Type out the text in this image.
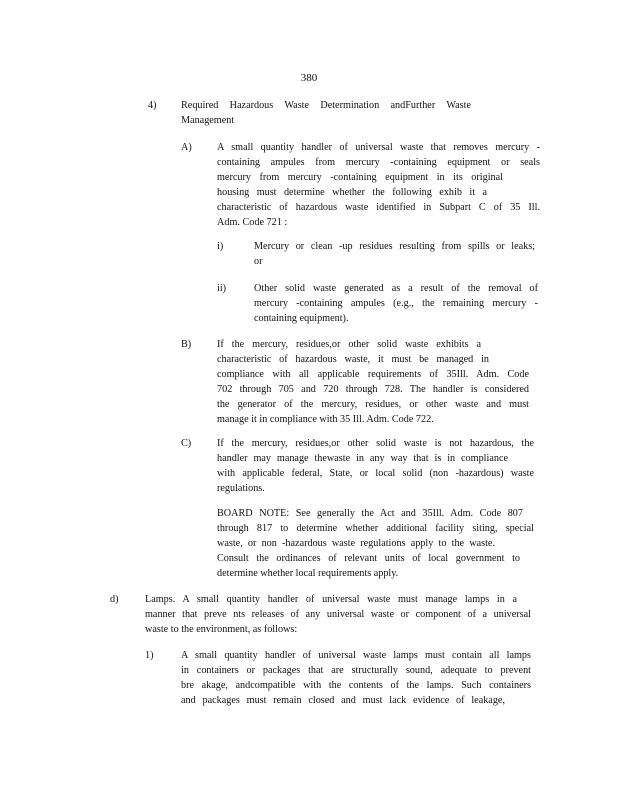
380
4) Required Hazardous Waste Determination andFurther Waste
Management
A) A small quantity handler of universal waste that removes mercury -
containing ampules from mercury -containing equipment or seals
mercury from mercury -containing equipment in its original
housing must determine whether the following exhib it a
characteristic of hazardous waste identified in Subpart C of 35 Ill.
Adm. Code 721 :
i)	Mercury or clean -up residues resulting from spills or leaks;
or
ii)	Other solid waste generated as a result of the removal of
mercury -containing ampules (e.g., the remaining mercury -
containing equipment).
B)	If the mercury, residues,or other solid waste exhibits a
characteristic of hazardous waste, it must be managed in
compliance with all applicable requirements of 35Ill. Adm. Code
702 through 705 and 720 through 728. The handler is considered
the generator of the mercury, residues, or other waste and must
manage it in compliance with 35 Ill. Adm. Code 722.
C)	If the mercury, residues,or other solid waste is not hazardous, the
handler may manage thewaste in any way that is in compliance
with applicable federal, State, or local solid (non -hazardous) waste
regulations.
BOARD NOTE: See generally the Act and 35Ill. Adm. Code 807
through 817 to determine whether additional facility siting, special
waste, or non -hazardous waste regulations apply to the waste.
Consult the ordinances of relevant units of local government to
determine whether local requirements apply.
d)	Lamps. A small quantity handler of universal waste must manage lamps in a
manner that preve nts releases of any universal waste or component of a universal
waste to the environment, as follows:
1)	A small quantity handler of universal waste lamps must contain all lamps
in containers or packages that are structurally sound, adequate to prevent
bre akage, andcompatible with the contents of the lamps. Such containers
and packages must remain closed and must lack evidence of leakage,
